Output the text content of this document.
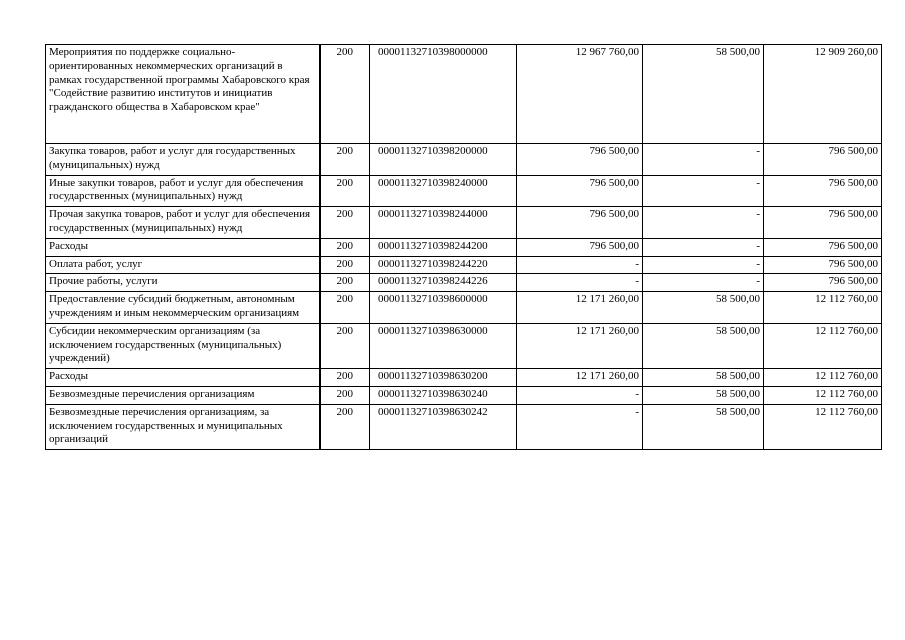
Мероприятия по поддержке социально-ориентированных некоммерческих организаций в рамках государственной программы Хабаровского края "Содействие развитию институтов и инициатив гражданского общества в Хабаровском крае"	200	00001132710398000000	12 967 760,00	58 500,00	12 909 260,00
Закупка товаров, работ и услуг для государственных (муниципальных) нужд	200	00001132710398200000	796 500,00	-	796 500,00
Иные закупки товаров, работ и услуг для обеспечения государственных (муниципальных) нужд	200	00001132710398240000	796 500,00	-	796 500,00
Прочая закупка товаров, работ и услуг для обеспечения государственных (муниципальных) нужд	200	00001132710398244000	796 500,00	-	796 500,00
Расходы	200	00001132710398244200	796 500,00	-	796 500,00
Оплата работ, услуг	200	00001132710398244220	-	-	796 500,00
Прочие работы, услуги	200	00001132710398244226	-	-	796 500,00
Предоставление субсидий бюджетным, автономным учреждениям и иным некоммерческим организациям	200	00001132710398600000	12 171 260,00	58 500,00	12 112 760,00
Субсидии некоммерческим организациям (за исключением государственных (муниципальных) учреждений)	200	00001132710398630000	12 171 260,00	58 500,00	12 112 760,00
Расходы	200	00001132710398630200	12 171 260,00	58 500,00	12 112 760,00
Безвозмездные перечисления организациям	200	00001132710398630240	-	58 500,00	12 112 760,00
Безвозмездные перечисления организациям, за исключением государственных и муниципальных организаций	200	00001132710398630242	-	58 500,00	12 112 760,00
